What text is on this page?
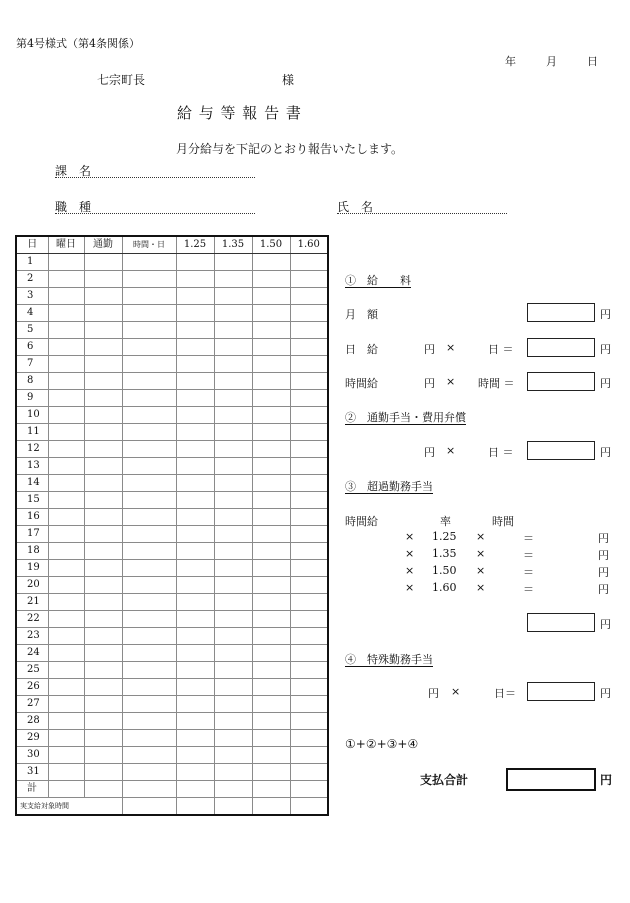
第4号様式（第4条関係）
年	月	日
七宗町長	様
給 与 等 報 告 書
月分給与を下記のとおり報告いたします。
課　名
職　種	氏　名
日	曜日	通勤	時間・日	1.25	1.35	1.50	1.60
1							
2							
3							
4							
5							
6							
7							
8							
9							
10							
11							
12							
13							
14							
15							
16							
17							
18							
19							
20							
21							
22							
23							
24							
25							
26							
27							
28							
29							
30							
31							
計							
実支給対象時間							
①　給　　料
月　額	円
日　給	円 ×	日 ＝	円
時間給	円 × 時間 ＝	円
②　通勤手当・費用弁償
円 ×	日 ＝	円
③　超過勤務手当
時間給	率	時間
× 1.25 ×	＝	円
× 1.35 ×	＝	円
× 1.50 ×	＝	円
× 1.60 ×	＝	円
円
④　特殊勤務手当
円 ×	日＝	円
①+②+③+④
支払合計	円
